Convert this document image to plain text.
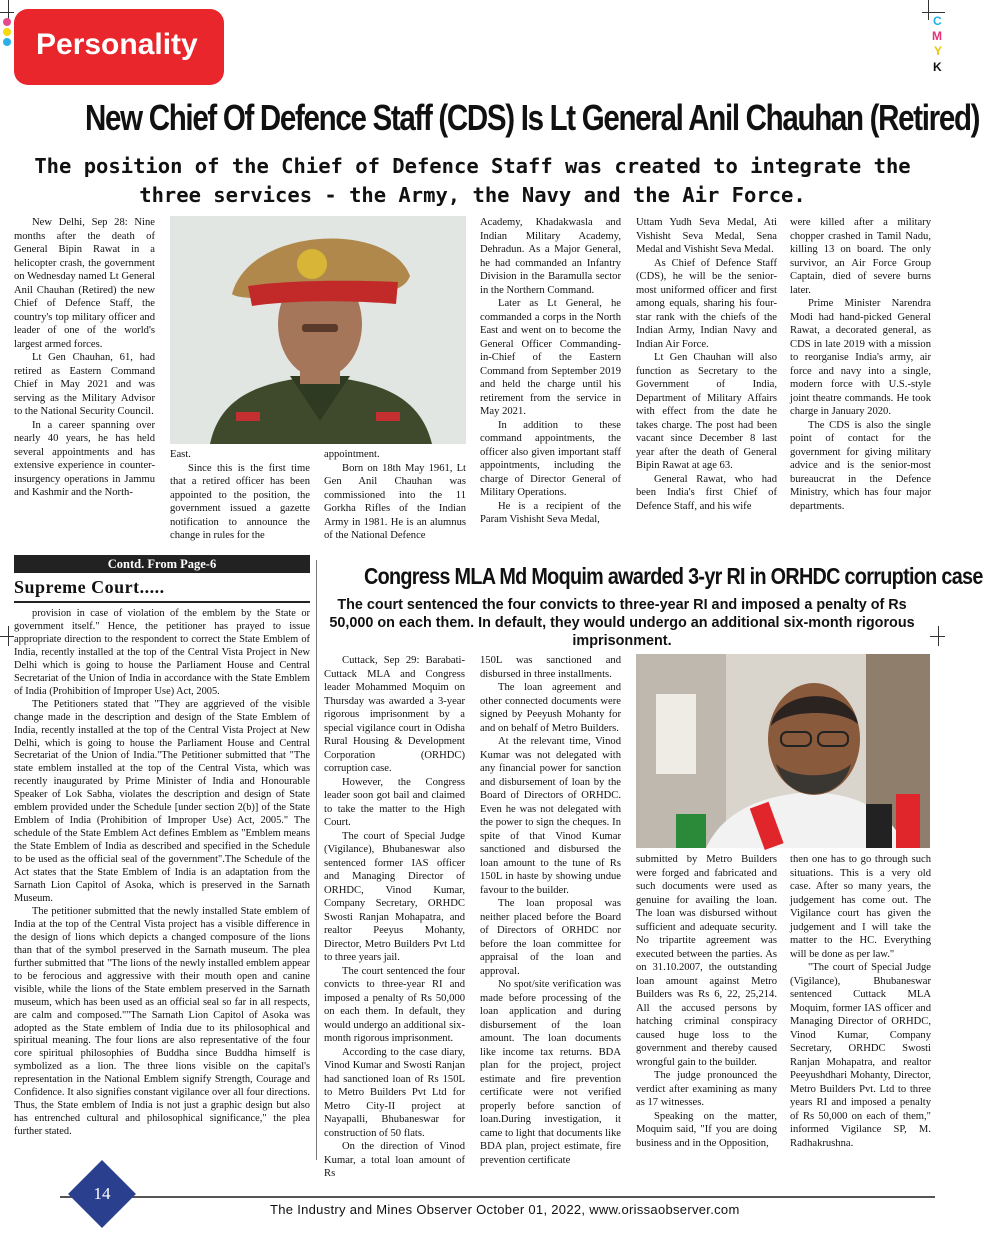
C
M
Y
K
Personality
New Chief Of Defence Staff (CDS) Is Lt General Anil Chauhan (Retired)
The position of the Chief of Defence Staff was created to integrate the three services - the Army, the Navy and the Air Force.

New Delhi, Sep 28: Nine months after the death of General Bipin Rawat in a helicopter crash, the government on Wednesday named Lt General Anil Chauhan (Retired) the new Chief of Defence Staff, the country's top military officer and leader of one of the world's largest armed forces.

Lt Gen Chauhan, 61, had retired as Eastern Command Chief in May 2021 and was serving as the Military Advisor to the National Security Council.

In a career spanning over nearly 40 years, he has held several appointments and has extensive experience in counter-insurgency operations in Jammu and Kashmir and the North-

East.

Since this is the first time that a retired officer has been appointed to the position, the government issued a gazette notification to announce the change in rules for the

appointment.

Born on 18th May 1961, Lt Gen Anil Chauhan was commissioned into the 11 Gorkha Rifles of the Indian Army in 1981. He is an alumnus of the National Defence

Academy, Khadakwasla and Indian Military Academy, Dehradun. As a Major General, he had commanded an Infantry Division in the Baramulla sector in the Northern Command.

Later as Lt General, he commanded a corps in the North East and went on to become the General Officer Commanding-in-Chief of the Eastern Command from September 2019 and held the charge until his retirement from the service in May 2021.

In addition to these command appointments, the officer also given important staff appointments, including the charge of Director General of Military Operations.

He is a recipient of the Param Vishisht Seva Medal,

Uttam Yudh Seva Medal, Ati Vishisht Seva Medal, Sena Medal and Vishisht Seva Medal.

As Chief of Defence Staff (CDS), he will be the senior-most uniformed officer and first among equals, sharing his four-star rank with the chiefs of the Indian Army, Indian Navy and Indian Air Force.

Lt Gen Chauhan will also function as Secretary to the Government of India, Department of Military Affairs with effect from the date he takes charge. The post had been vacant since December 8 last year after the death of General Bipin Rawat at age 63.

General Rawat, who had been India's first Chief of Defence Staff, and his wife

were killed after a military chopper crashed in Tamil Nadu, killing 13 on board. The only survivor, an Air Force Group Captain, died of severe burns later.

Prime Minister Narendra Modi had hand-picked General Rawat, a decorated general, as CDS in late 2019 with a mission to reorganise India's army, air force and navy into a single, modern force with U.S.-style joint theatre commands. He took charge in January 2020.

The CDS is also the single point of contact for the government for giving military advice and is the senior-most bureaucrat in the Defence Ministry, which has four major departments.

Contd. From Page-6
Supreme Court.....

provision in case of violation of the emblem by the State or government itself." Hence, the petitioner has prayed to issue appropriate direction to the respondent to correct the State Emblem of India, recently installed at the top of the Central Vista Project in New Delhi which is going to house the Parliament House and Central Secretariat of the Union of India in accordance with the State Emblem of India (Prohibition of Improper Use) Act, 2005.

The Petitioners stated that "They are aggrieved of the visible change made in the description and design of the State Emblem of India, recently installed at the top of the Central Vista Project at New Delhi, which is going to house the Parliament House and Central Secretariat of the Union of India."The Petitioner submitted that "The state emblem installed at the top of the Central Vista, which was recently inaugurated by Prime Minister of India and Honourable Speaker of Lok Sabha, violates the description and design of State emblem provided under the Schedule [under section 2(b)] of the State Emblem of India (Prohibition of Improper Use) Act, 2005." The schedule of the State Emblem Act defines Emblem as "Emblem means the State Emblem of India as described and specified in the Schedule to be used as the official seal of the government".The Schedule of the Act states that the State Emblem of India is an adaptation from the Sarnath Lion Capitol of Asoka, which is preserved in the Sarnath Museum.

The petitioner submitted that the newly installed State emblem of India at the top of the Central Vista project has a visible difference in the design of lions which depicts a changed composure of the lions than that of the symbol preserved in the Sarnath museum. The plea further submitted that "The lions of the newly installed emblem appear to be ferocious and aggressive with their mouth open and canine visible, while the lions of the State emblem preserved in the Sarnath museum, which has been used as an official seal so far in all respects, are calm and composed.""The Sarnath Lion Capitol of Asoka was adopted as the State emblem of India due to its philosophical and spiritual meaning. The four lions are also representative of the four core spiritual philosophies of Buddha since Buddha himself is symbolized as a lion. The three lions visible on the capital's representation in the National Emblem signify Strength, Courage and Confidence. It also signifies constant vigilance over all four directions. Thus, the State emblem of India is not just a graphic design but also has entrenched cultural and philosophical significance," the plea further stated.

Congress MLA Md Moquim awarded 3-yr RI in ORHDC corruption case
The court sentenced the four convicts to three-year RI and imposed a penalty of Rs 50,000 on each them. In default, they would undergo an additional six-month rigorous imprisonment.

Cuttack, Sep 29: Barabati-Cuttack MLA and Congress leader Mohammed Moquim on Thursday was awarded a 3-year rigorous imprisonment by a special vigilance court in Odisha Rural Housing & Development Corporation (ORHDC) corruption case.

However, the Congress leader soon got bail and claimed to take the matter to the High Court.

The court of Special Judge (Vigilance), Bhubaneswar also sentenced former IAS officer and Managing Director of ORHDC, Vinod Kumar, Company Secretary, ORHDC Swosti Ranjan Mohapatra, and realtor Peeyus Mohanty, Director, Metro Builders Pvt Ltd to three years jail.

The court sentenced the four convicts to three-year RI and imposed a penalty of Rs 50,000 on each them. In default, they would undergo an additional six-month rigorous imprisonment.

According to the case diary, Vinod Kumar and Swosti Ranjan had sanctioned loan of Rs 150L to Metro Builders Pvt Ltd for Metro City-II project at Nayapalli, Bhubaneswar for construction of 50 flats.

On the direction of Vinod Kumar, a total loan amount of Rs

150L was sanctioned and disbursed in three installments.

The loan agreement and other connected documents were signed by Peeyush Mohanty for and on behalf of Metro Builders.

At the relevant time, Vinod Kumar was not delegated with any financial power for sanction and disbursement of loan by the Board of Directors of ORHDC. Even he was not delegated with the power to sign the cheques. In spite of that Vinod Kumar sanctioned and disbursed the loan amount to the tune of Rs 150L in haste by showing undue favour to the builder.

The loan proposal was neither placed before the Board of Directors of ORHDC nor before the loan committee for appraisal of the loan and approval.

No spot/site verification was made before processing of the loan application and during disbursement of the loan amount. The loan documents like income tax returns. BDA plan for the project, project estimate and fire prevention certificate were not verified properly before sanction of loan.During investigation, it came to light that documents like BDA plan, project estimate, fire prevention certificate

submitted by Metro Builders were forged and fabricated and such documents were used as genuine for availing the loan. The loan was disbursed without sufficient and adequate security. No tripartite agreement was executed between the parties. As on 31.10.2007, the outstanding loan amount against Metro Builders was Rs 6, 22, 25,214. All the accused persons by hatching criminal conspiracy caused huge loss to the government and thereby caused wrongful gain to the builder.

The judge pronounced the verdict after examining as many as 17 witnesses.

Speaking on the matter, Moquim said, "If you are doing business and in the Opposition,

then one has to go through such situations. This is a very old case. After so many years, the judgement has come out. The Vigilance court has given the judgement and I will take the matter to the HC. Everything will be done as per law."

"The court of Special Judge (Vigilance), Bhubaneswar sentenced Cuttack MLA Moquim, former IAS officer and Managing Director of ORHDC, Vinod Kumar, Company Secretary, ORHDC Swosti Ranjan Mohapatra, and realtor Peeyushdhari Mohanty, Director, Metro Builders Pvt. Ltd to three years RI and imposed a penalty of Rs 50,000 on each of them," informed Vigilance SP, M. Radhakrushna.

14
The Industry and Mines Observer October 01, 2022, www.orissaobserver.com
